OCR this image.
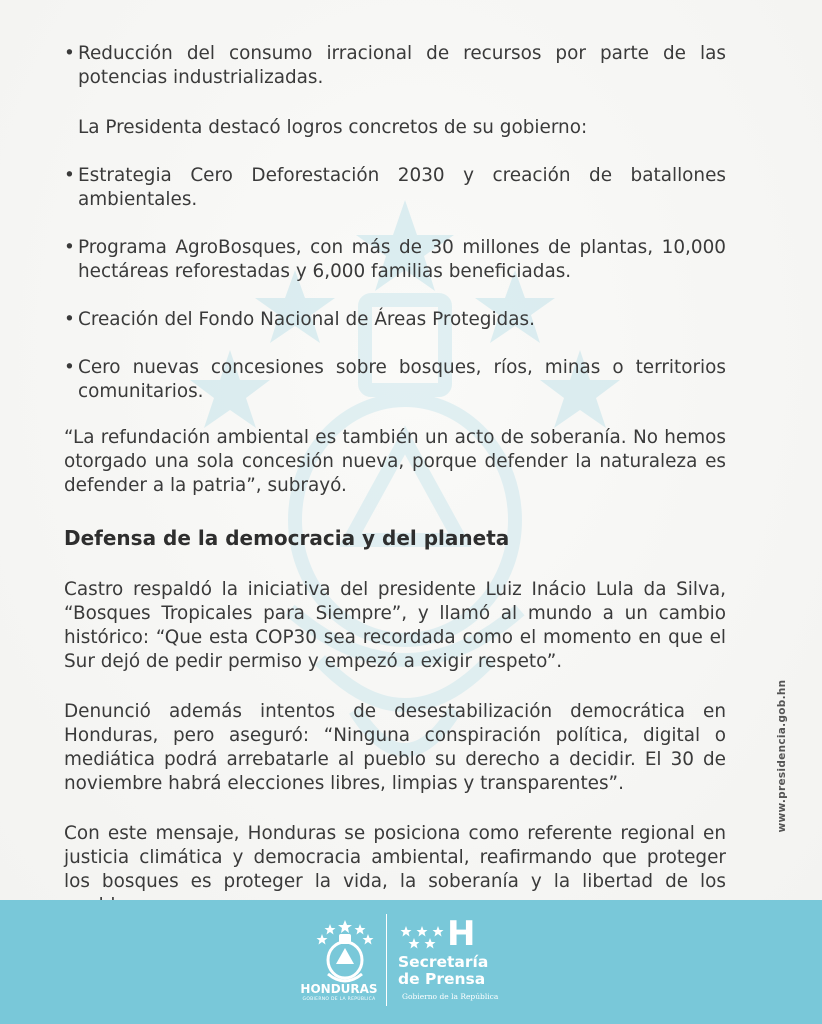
• Reducción del consumo irracional de recursos por parte de las potencias industrializadas.

La Presidenta destacó logros concretos de su gobierno:

• Estrategia Cero Deforestación 2030 y creación de batallones ambientales.

• Programa AgroBosques, con más de 30 millones de plantas, 10,000 hectáreas reforestadas y 6,000 familias beneficiadas.

• Creación del Fondo Nacional de Áreas Protegidas.

• Cero nuevas concesiones sobre bosques, ríos, minas o territorios comunitarios.

“La refundación ambiental es también un acto de soberanía. No hemos otorgado una sola concesión nueva, porque defender la naturaleza es defender a la patria”, subrayó.

Defensa de la democracia y del planeta

Castro respaldó la iniciativa del presidente Luiz Inácio Lula da Silva, “Bosques Tropicales para Siempre”, y llamó al mundo a un cambio histórico: “Que esta COP30 sea recordada como el momento en que el Sur dejó de pedir permiso y empezó a exigir respeto”.

Denunció además intentos de desestabilización democrática en Honduras, pero aseguró: “Ninguna conspiración política, digital o mediática podrá arrebatarle al pueblo su derecho a decidir. El 30 de noviembre habrá elecciones libres, limpias y transparentes”.

Con este mensaje, Honduras se posiciona como referente regional en justicia climática y democracia ambiental, reafirmando que proteger los bosques es proteger la vida, la soberanía y la libertad de los

www.presidencia.gob.hn
HONDURAS
GOBIERNO DE LA REPÚBLICA
H
Secretaría
de Prensa
Gobierno de la República
